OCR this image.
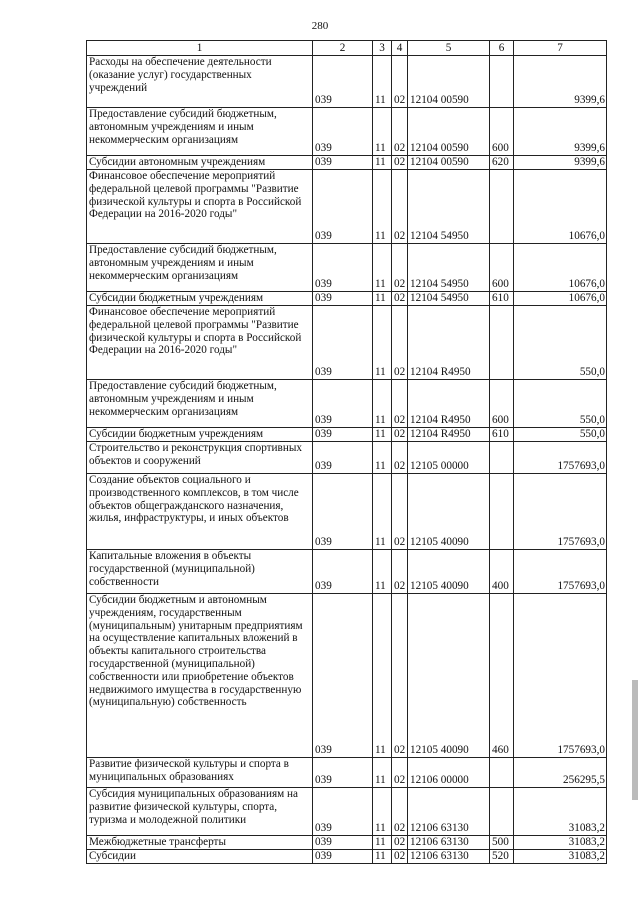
280
1	2	3	4	5	6	7
Расходы на обеспечение деятельности (оказание услуг) государственных учреждений	039	11	02	12104 00590		9399,6
Предоставление субсидий бюджетным, автономным учреждениям и иным некоммерческим организациям	039	11	02	12104 00590	600	9399,6
Субсидии автономным учреждениям	039	11	02	12104 00590	620	9399,6
Финансовое обеспечение мероприятий федеральной целевой программы "Развитие физической культуры и спорта в Российской Федерации на 2016-2020 годы"	039	11	02	12104 54950		10676,0
Предоставление субсидий бюджетным, автономным учреждениям и иным некоммерческим организациям	039	11	02	12104 54950	600	10676,0
Субсидии бюджетным учреждениям	039	11	02	12104 54950	610	10676,0
Финансовое обеспечение мероприятий федеральной целевой программы "Развитие физической культуры и спорта в Российской Федерации на 2016-2020 годы"	039	11	02	12104 R4950		550,0
Предоставление субсидий бюджетным, автономным учреждениям и иным некоммерческим организациям	039	11	02	12104 R4950	600	550,0
Субсидии бюджетным учреждениям	039	11	02	12104 R4950	610	550,0
Строительство и реконструкция спортивных объектов и сооружений	039	11	02	12105 00000		1757693,0
Создание объектов социального и производственного комплексов, в том числе объектов общегражданского назначения, жилья, инфраструктуры, и иных объектов	039	11	02	12105 40090		1757693,0
Капитальные вложения в объекты государственной (муниципальной) собственности	039	11	02	12105 40090	400	1757693,0
Субсидии бюджетным и автономным учреждениям, государственным (муниципальным) унитарным предприятиям на осуществление капитальных вложений в объекты капитального строительства государственной (муниципальной) собственности или приобретение объектов недвижимого имущества в государственную (муниципальную) собственность	039	11	02	12105 40090	460	1757693,0
Развитие физической культуры и спорта в муниципальных образованиях	039	11	02	12106 00000		256295,5
Субсидия муниципальных образованиям на развитие физической культуры, спорта, туризма и молодежной политики	039	11	02	12106 63130		31083,2
Межбюджетные трансферты	039	11	02	12106 63130	500	31083,2
Субсидии	039	11	02	12106 63130	520	31083,2
